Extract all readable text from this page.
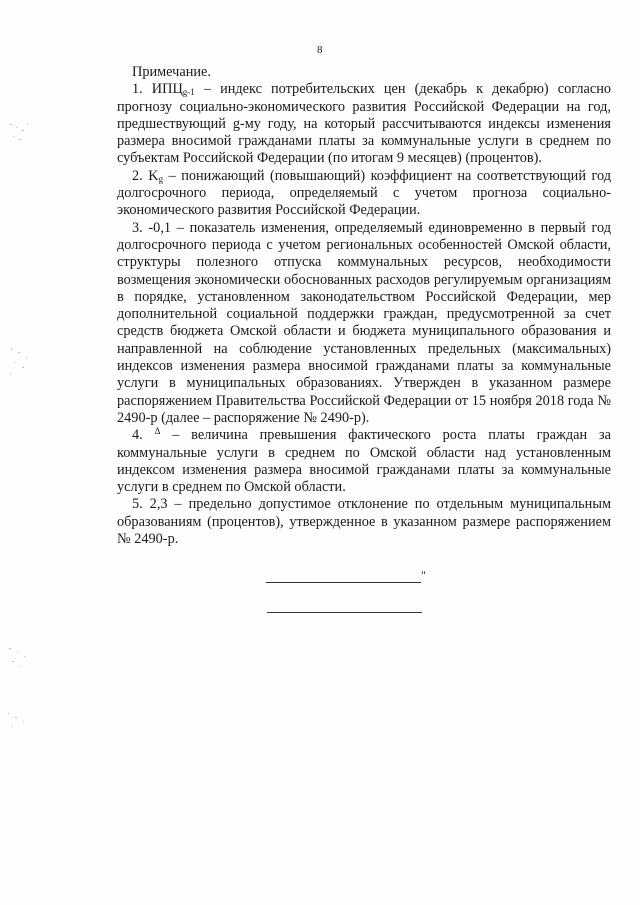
8
Примечание.
1. $ИПЦ_{g-1}$ – индекс потребительских цен (декабрь к декабрю) согласно прогнозу социально-экономического развития Российской Федерации на год, предшествующий g-му году, на который рассчитываются индексы изменения размера вносимой гражданами платы за коммунальные услуги в среднем по субъектам Российской Федерации (по итогам 9 месяцев) (процентов).
2. $K_g$ – понижающий (повышающий) коэффициент на соответствующий год долгосрочного периода, определяемый с учетом прогноза социально-экономического развития Российской Федерации.
3. -0,1 – показатель изменения, определяемый единовременно в первый год долгосрочного периода с учетом региональных особенностей Омской области, структуры полезного отпуска коммунальных ресурсов, необходимости возмещения экономически обоснованных расходов регулируемым организациям в порядке, установленном законодательством Российской Федерации, мер дополнительной социальной поддержки граждан, предусмотренной за счет средств бюджета Омской области и бюджета муниципального образования и направленной на соблюдение установленных предельных (максимальных) индексов изменения размера вносимой гражданами платы за коммунальные услуги в муниципальных образованиях. Утвержден в указанном размере распоряжением Правительства Российской Федерации от 15 ноября 2018 года № 2490-р (далее – распоряжение № 2490-р).
4. $^\Delta$ – величина превышения фактического роста платы граждан за коммунальные услуги в среднем по Омской области над установленным индексом изменения размера вносимой гражданами платы за коммунальные услуги в среднем по Омской области.
5. 2,3 – предельно допустимое отклонение по отдельным муниципальным образованиям (процентов), утвержденное в указанном размере распоряжением № 2490-р.
"
